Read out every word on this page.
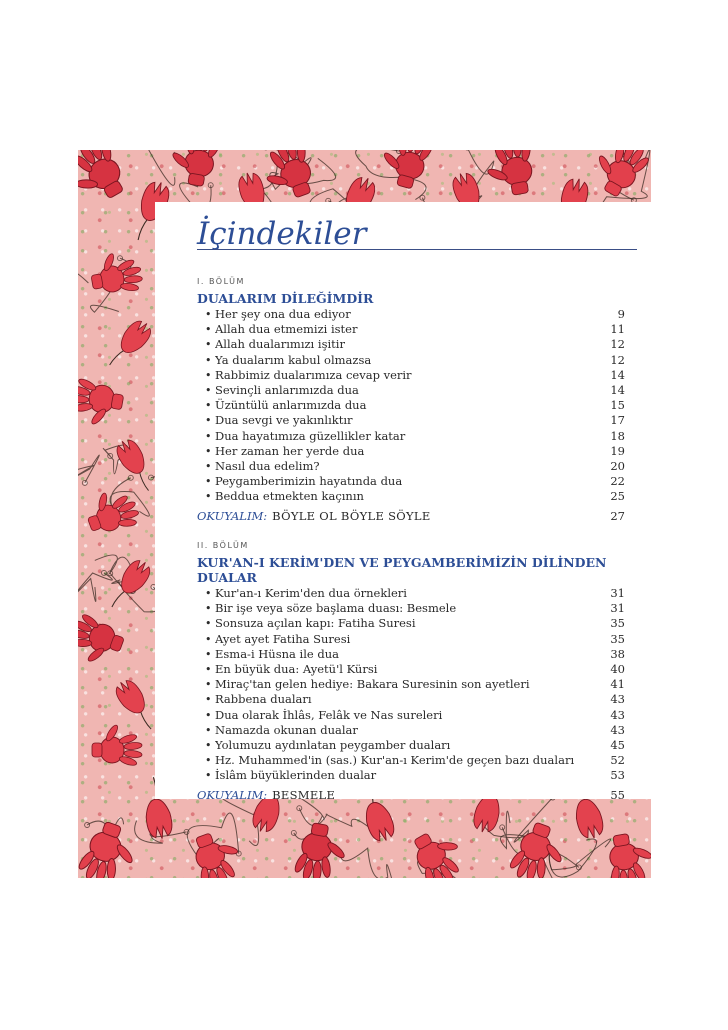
İçindekiler
I. BÖLÜM
DUALARIM DİLEĞİMDİR
• Her şey ona dua ediyor	9
• Allah dua etmemizi ister	11
• Allah dualarımızı işitir	12
• Ya dualarım kabul olmazsa	12
• Rabbimiz dualarımıza cevap verir	14
• Sevinçli anlarımızda dua	14
• Üzüntülü anlarımızda dua	15
• Dua sevgi ve yakınlıktır	17
• Dua hayatımıza güzellikler katar	18
• Her zaman her yerde dua	19
• Nasıl dua edelim?	20
• Peygamberimizin hayatında dua	22
• Beddua etmekten kaçının	25
OKUYALIM: BÖYLE OL BÖYLE SÖYLE	27
II. BÖLÜM
KUR'AN-I KERİM'DEN VE PEYGAMBERİMİZİN DİLİNDEN DUALAR
• Kur'an-ı Kerim'den dua örnekleri	31
• Bir işe veya söze başlama duası: Besmele	31
• Sonsuza açılan kapı: Fatiha Suresi	35
• Ayet ayet Fatiha Suresi	35
• Esma-i Hüsna ile dua	38
• En büyük dua: Ayetü'l Kürsi	40
• Miraç'tan gelen hediye: Bakara Suresinin son ayetleri	41
• Rabbena duaları	43
• Dua olarak İhlâs, Felâk ve Nas sureleri	43
• Namazda okunan dualar	43
• Yolumuzu aydınlatan peygamber duaları	45
• Hz. Muhammed'in (sas.) Kur'an-ı Kerim'de geçen bazı duaları	52
• İslâm büyüklerinden dualar	53
OKUYALIM: BESMELE	55
